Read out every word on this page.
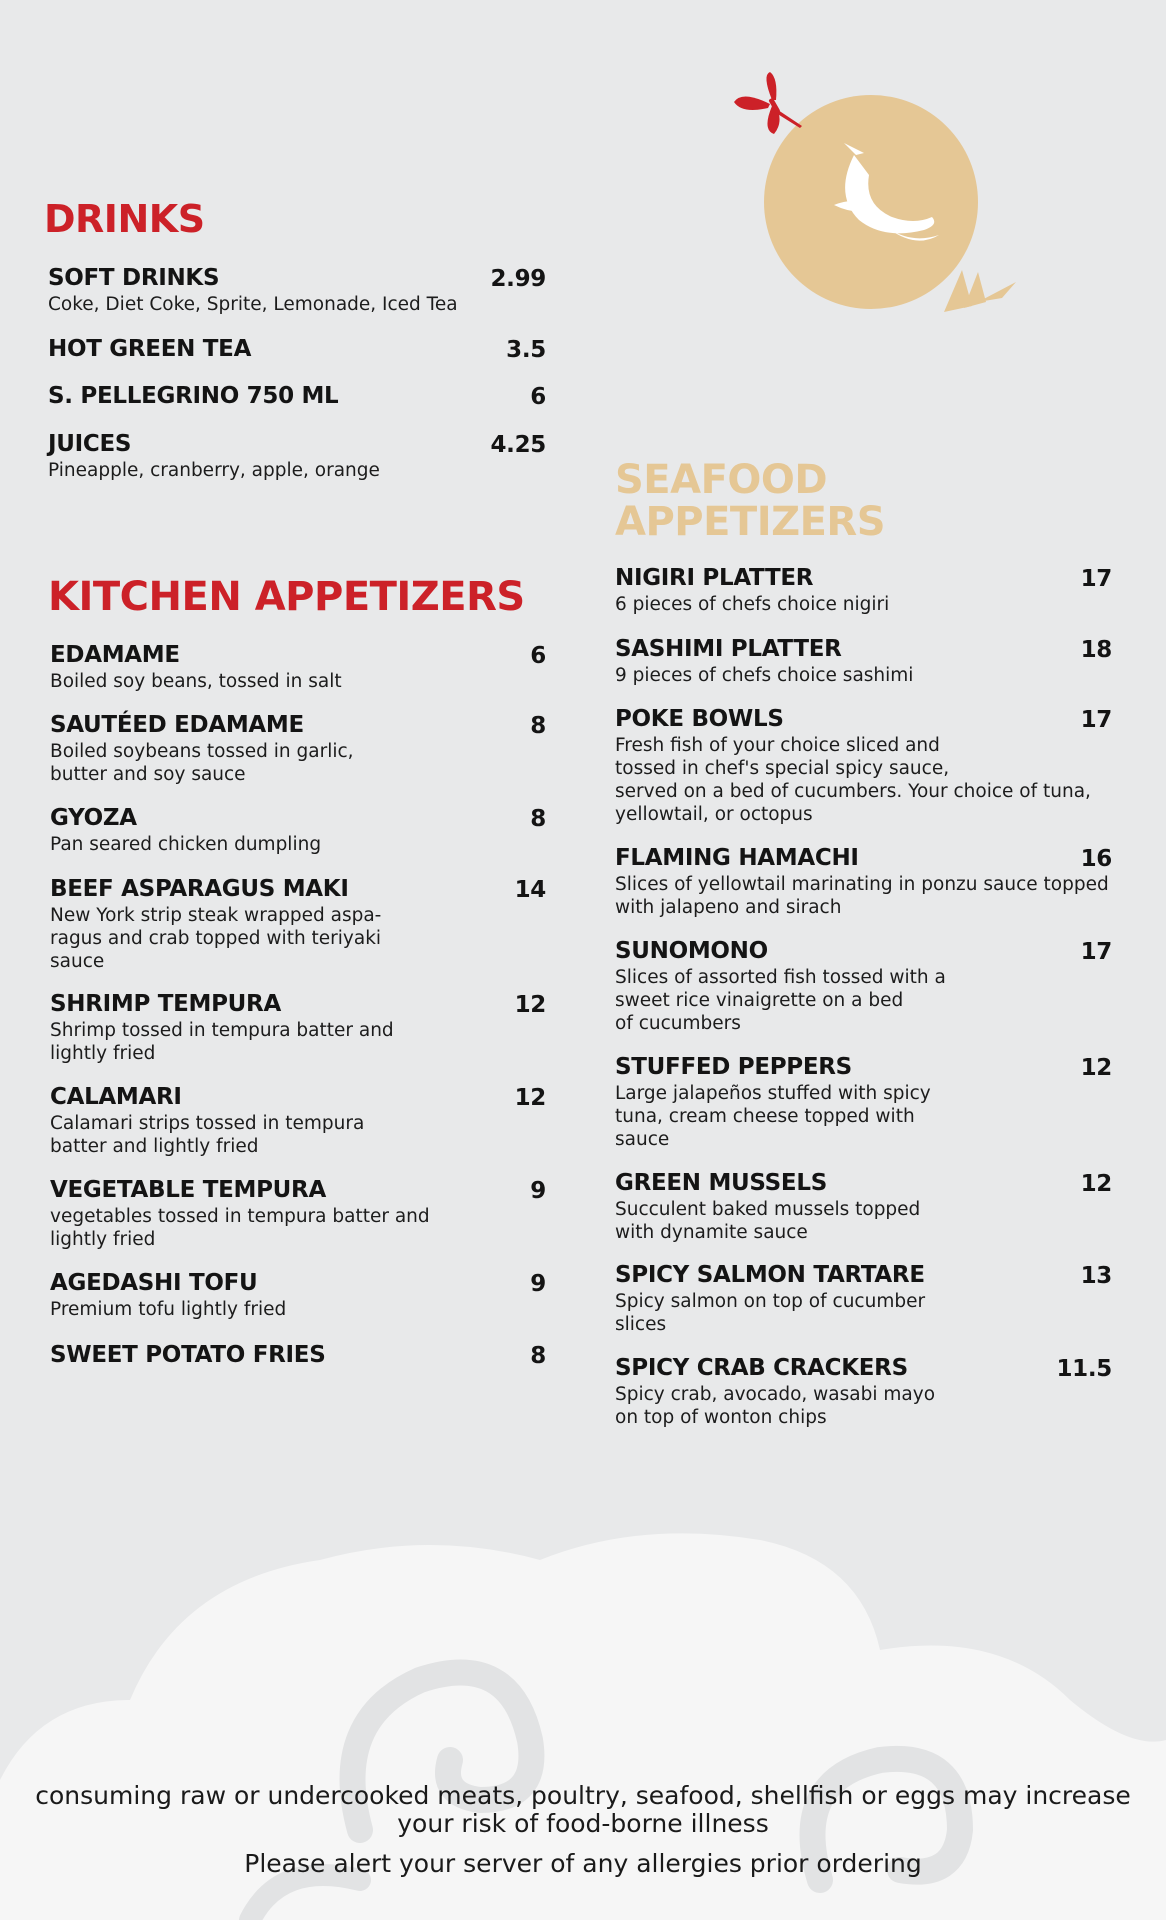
DRINKS
SOFT DRINKS
Coke, Diet Coke, Sprite, Lemonade, Iced Tea
2.99
HOT GREEN TEA	3.5
S. PELLEGRINO 750 ML	6
JUICES
Pineapple, cranberry, apple, orange
4.25
KITCHEN APPETIZERS
EDAMAME
Boiled soy beans, tossed in salt
6
SAUTÉED EDAMAME
Boiled soybeans tossed in garlic,
butter and soy sauce
8
GYOZA
Pan seared chicken dumpling
8
BEEF ASPARAGUS MAKI
New York strip steak wrapped aspa-
ragus and crab topped with teriyaki
sauce
14
SHRIMP TEMPURA
Shrimp tossed in tempura batter and
lightly fried
12
CALAMARI
Calamari strips tossed in tempura
batter and lightly fried
12
VEGETABLE TEMPURA
vegetables tossed in tempura batter and
lightly fried
9
AGEDASHI TOFU
Premium tofu lightly fried
9
SWEET POTATO FRIES	8
SEAFOOD
APPETIZERS
NIGIRI PLATTER
6 pieces of chefs choice nigiri
17
SASHIMI PLATTER
9 pieces of chefs choice sashimi
18
POKE BOWLS
Fresh fish of your choice sliced and
tossed in chef's special spicy sauce,
served on a bed of cucumbers. Your choice of tuna,
yellowtail, or octopus
17
FLAMING HAMACHI
Slices of yellowtail marinating in ponzu sauce topped
with jalapeno and sirach
16
SUNOMONO
Slices of assorted fish tossed with a
sweet rice vinaigrette on a bed
of cucumbers
17
STUFFED PEPPERS
Large jalapeños stuffed with spicy
tuna, cream cheese topped with
sauce
12
GREEN MUSSELS
Succulent baked mussels topped
with dynamite sauce
12
SPICY SALMON TARTARE
Spicy salmon on top of cucumber
slices
13
SPICY CRAB CRACKERS
Spicy crab, avocado, wasabi mayo
on top of wonton chips
11.5
consuming raw or undercooked meats, poultry, seafood, shellfish or eggs may increase
your risk of food-borne illness
Please alert your server of any allergies prior ordering
